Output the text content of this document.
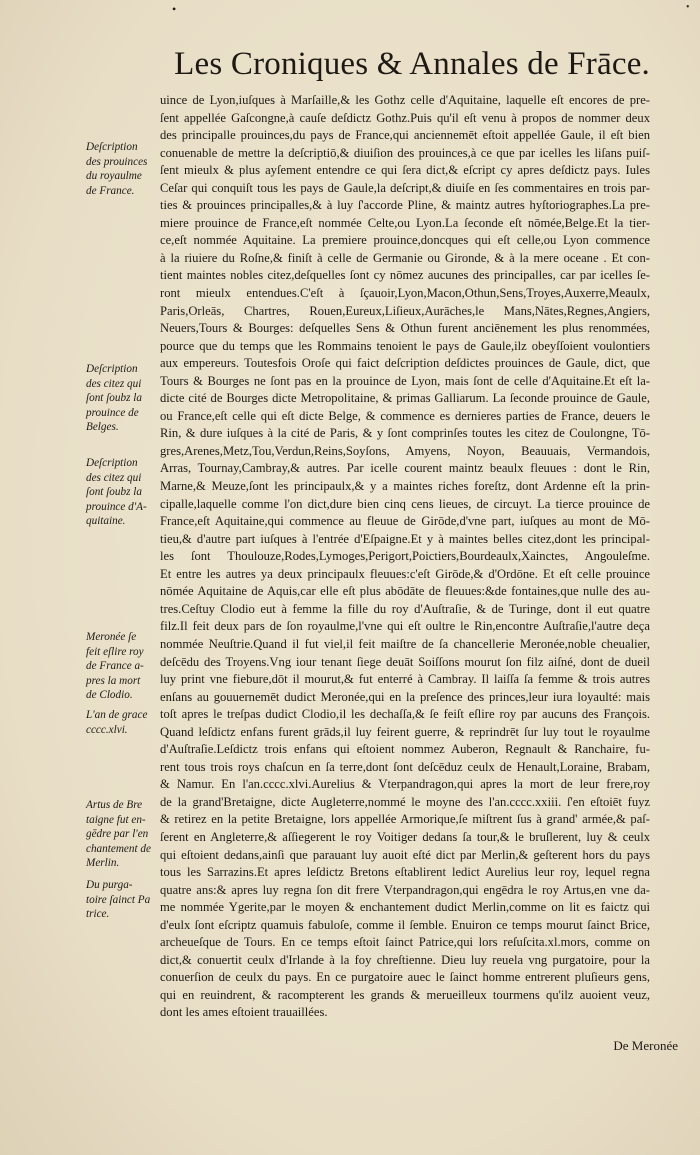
•	•
Les Croniques & Annales de Frāce.
uince de Lyon,iuſques à Marſaille,& les Gothz celle d'Aquitaine, laquelle eſt encores de pre-
ſent appellée Gaſcongne,à cauſe deſdictz Gothz.Puis qu'il eſt venu à propos de nommer deux
des principalle prouinces,du pays de France,qui anciennemēt eſtoit appellée Gaule, il eſt bien
conuenable de mettre la deſcriptiō,& diuiſion des prouinces,à ce que par icelles les liſans puiſ-
ſent mieulx & plus ayſement entendre ce qui ſera dict,& eſcript cy apres deſdictz pays. Iules
Ceſar qui conquiſt tous les pays de Gaule,la deſcript,& diuiſe en ſes commentaires en trois par-
ties & prouinces principalles,& à luy ſ'accorde Pline, & maintz autres hyſtoriographes.La pre-
miere prouince de France,eſt nommée Celte,ou Lyon.La ſeconde eſt nōmée,Belge.Et la tier-
ce,eſt nommée Aquitaine. La premiere prouince,doncques qui eſt celle,ou Lyon commence
à la riuiere du Roſne,& finiſt à celle de Germanie ou Gironde, & à la mere oceane . Et con-
tient maintes nobles citez,deſquelles ſont cy nōmez aucunes des principalles, car par icelles ſe-
ront mieulx entendues.C'eſt à ſçauoir,Lyon,Macon,Othun,Sens,Troyes,Auxerre,Meaulx,
Paris,Orleās, Chartres, Rouen,Eureux,Liſieux,Aurāches,le Mans,Nātes,Regnes,Angiers,
Neuers,Tours & Bourges: deſquelles Sens & Othun furent anciēnement les plus renommées,
pource que du temps que les Rommains tenoient le pays de Gaule,ilz obeyſſoient voulontiers
aux empereurs. Toutesfois Oroſe qui faict deſcription deſdictes prouinces de Gaule, dict, que
Tours & Bourges ne ſont pas en la prouince de Lyon, mais ſont de celle d'Aquitaine.Et eſt la-
dicte cité de Bourges dicte Metropolitaine, & primas Galliarum. La ſeconde prouince de Gaule,
ou France,eſt celle qui eſt dicte Belge, & commence es dernieres parties de France, deuers le
Rin, & dure iuſques à la cité de Paris, & y ſont comprinſes toutes les citez de Coulongne, Tō-
gres,Arenes,Metz,Tou,Verdun,Reins,Soyſons, Amyens, Noyon, Beauuais, Vermandois,
Arras, Tournay,Cambray,& autres. Par icelle courent maintz beaulx fleuues : dont le Rin,
Marne,& Meuze,ſont les principaulx,& y a maintes riches foreſtz, dont Ardenne eſt la prin-
cipalle,laquelle comme l'on dict,dure bien cinq cens lieues, de circuyt. La tierce prouince de
France,eſt Aquitaine,qui commence au fleuue de Girōde,d'vne part, iuſques au mont de Mō-
tieu,& d'autre part iuſques à l'entrée d'Eſpaigne.Et y à maintes belles citez,dont les principal-
les ſont Thoulouze,Rodes,Lymoges,Perigort,Poictiers,Bourdeaulx,Xainctes, Angouleſme.
Et entre les autres ya deux principaulx fleuues:c'eſt Girōde,& d'Ordōne. Et eſt celle prouince
nōmée Aquitaine de Aquis,car elle eſt plus abōdāte de fleuues:&de fontaines,que nulle des au-
tres.Ceſtuy Clodio eut à femme la fille du roy d'Auſtraſie, & de Turinge, dont il eut quatre
filz.Il feit deux pars de ſon royaulme,l'vne qui eſt oultre le Rin,encontre Auſtraſie,l'autre deça
nommée Neuſtrie.Quand il fut viel,il feit maiſtre de ſa chancellerie Meronée,noble cheualier,
deſcēdu des Troyens.Vng iour tenant ſiege deuāt Soiſſons mourut ſon filz aiſné, dont de dueil
luy print vne fiebure,dōt il mourut,& fut enterré à Cambray. Il laiſſa ſa femme & trois autres
enſans au gouuernemēt dudict Meronée,qui en la preſence des princes,leur iura loyaulté: mais
toſt apres le treſpas dudict Clodio,il les dechaſſa,& ſe feiſt eſlire roy par aucuns des François.
Quand leſdictz enfans furent grāds,il luy feirent guerre, & reprindrēt ſur luy tout le royaulme
d'Auſtraſie.Leſdictz trois enfans qui eſtoient nommez Auberon, Regnault & Ranchaire, fu-
rent tous trois roys chaſcun en ſa terre,dont ſont deſcēduz ceulx de Henault,Loraine, Brabam,
& Namur. En l'an.cccc.xlvi.Aurelius & Vterpandragon,qui apres la mort de leur frere,roy
de la grand'Bretaigne, dicte Augleterre,nommé le moyne des l'an.cccc.xxiii. ſ'en eſtoiēt fuyz
& retirez en la petite Bretaigne, lors appellée Armorique,ſe miſtrent ſus à grand' armée,& paſ-
ſerent en Angleterre,& aſſiegerent le roy Voitiger dedans ſa tour,& le bruſlerent, luy & ceulx
qui eſtoient dedans,ainſi que parauant luy auoit eſté dict par Merlin,& geſterent hors du pays
tous les Sarrazins.Et apres leſdictz Bretons eſtablirent ledict Aurelius leur roy, lequel regna
quatre ans:& apres luy regna ſon dit frere Vterpandragon,qui engēdra le roy Artus,en vne da-
me nommée Ygerite,par le moyen & enchantement dudict Merlin,comme on lit es faictz qui
d'eulx ſont eſcriptz quamuis fabuloſe, comme il ſemble. Enuiron ce temps mourut ſainct Brice,
archeueſque de Tours. En ce temps eſtoit ſainct Patrice,qui lors reſuſcita.xl.mors, comme on
dict,& conuertit ceulx d'Irlande à la foy chreſtienne. Dieu luy reuela vng purgatoire, pour la
conuerſion de ceulx du pays. En ce purgatoire auec le ſainct homme entrerent pluſieurs gens,
qui en reuindrent, & racompterent les grands & merueilleux tourmens qu'ilz auoient veuz,
dont les ames eſtoient trauaillées.
Deſcription
des prouinces
du royaulme
de France.
Deſcription
des citez qui
ſont ſoubz la
prouince de
Belges.
Deſcription
des citez qui
ſont ſoubz la
prouince d'A-
quitaine.
Meronée ſe
feit eſlire roy
de France a-
pres la mort
de Clodio.
L'an de grace
cccc.xlvi.
Artus de Bre
taigne fut en-
gēdre par l'en
chantement de
Merlin.
Du purga-
toire ſainct Pa
trice.
De Meronée
